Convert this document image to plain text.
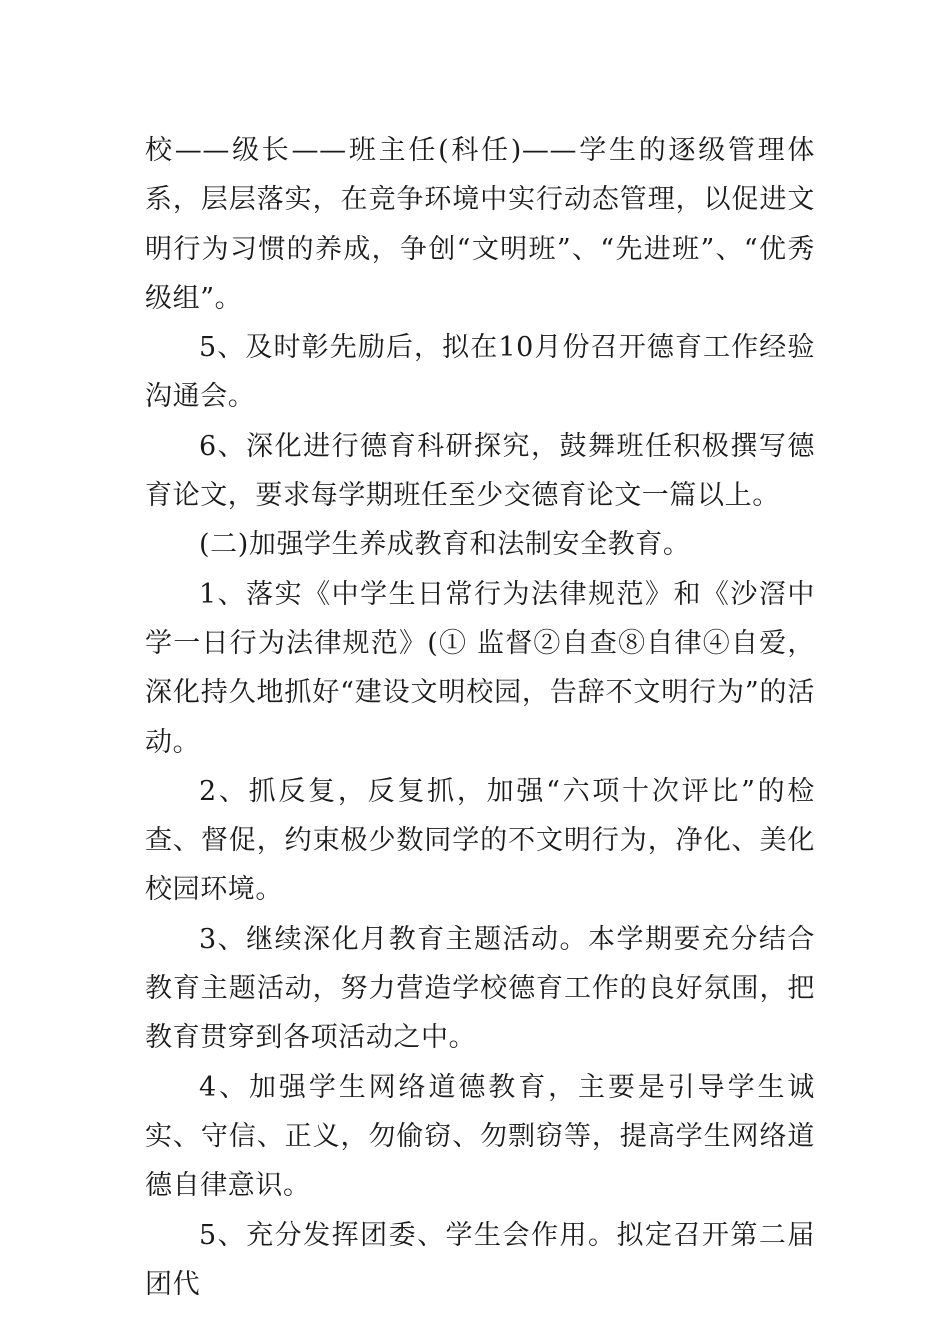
校——级长——班主任(科任)——学生的逐级管理体系，层层落实，在竞争环境中实行动态管理，以促进文明行为习惯的养成，争创“文明班”、“先进班”、“优秀级组”。

5、及时彰先励后，拟在10月份召开德育工作经验沟通会。

6、深化进行德育科研探究，鼓舞班任积极撰写德育论文，要求每学期班任至少交德育论文一篇以上。

(二)加强学生养成教育和法制安全教育。

1、落实《中学生日常行为法律规范》和《沙滘中学一日行为法律规范》(① 监督②自查⑧自律④自爱，深化持久地抓好“建设文明校园，告辞不文明行为”的活动。

2、抓反复，反复抓，加强“六项十次评比”的检查、督促，约束极少数同学的不文明行为，净化、美化校园环境。

3、继续深化月教育主题活动。本学期要充分结合教育主题活动，努力营造学校德育工作的良好氛围，把教育贯穿到各项活动之中。

4、加强学生网络道德教育，主要是引导学生诚实、守信、正义，勿偷窃、勿剽窃等，提高学生网络道德自律意识。

5、充分发挥团委、学生会作用。拟定召开第二届团代
